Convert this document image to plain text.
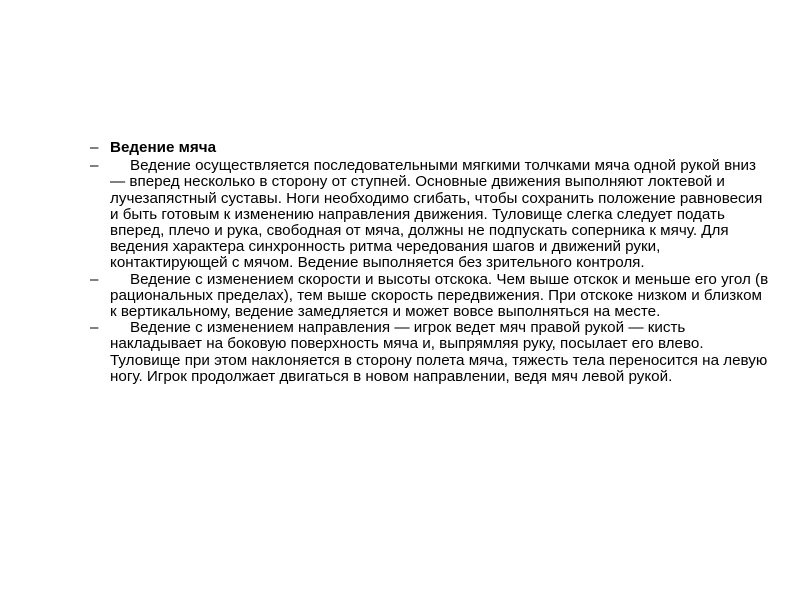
– Ведение мяча
–	Ведение осуществляется последовательными мягкими толчками мяча одной рукой вниз — вперед несколько в сторону от ступней. Основные движения выполняют локтевой и лучезапястный суставы. Ноги необходимо сгибать, чтобы сохранить положение равновесия и быть готовым к изменению направления движения. Туловище слегка следует подать вперед, плечо и рука, свободная от мяча, должны не подпускать соперника к мячу. Для ведения характера синхронность ритма чередования шагов и движений руки, контактирующей с мячом. Ведение выполняется без зрительного контроля.
–	Ведение с изменением скорости и высоты отскока. Чем выше отскок и меньше его угол (в рациональных пределах), тем выше скорость передвижения. При отскоке низком и близком к вертикальному, ведение замедляется и может вовсе выполняться на месте.
–	Ведение с изменением направления — игрок ведет мяч правой рукой — кисть накладывает на боковую поверхность мяча и, выпрямляя руку, посылает его влево. Туловище при этом наклоняется в сторону полета мяча, тяжесть тела переносится на левую ногу. Игрок продолжает двигаться в новом направлении, ведя мяч левой рукой.
